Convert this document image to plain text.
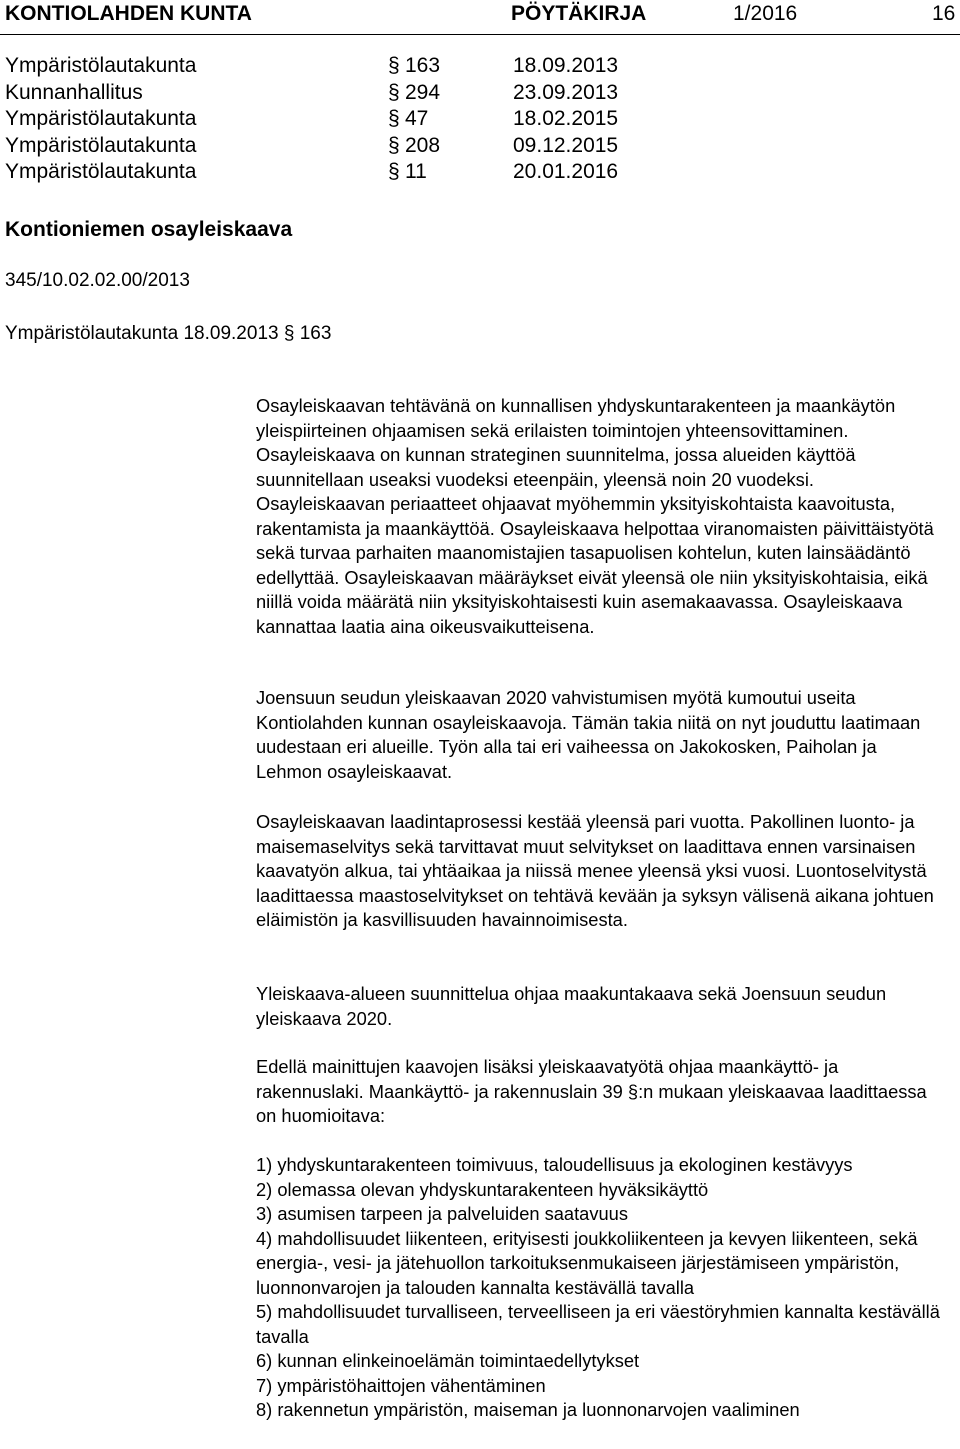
KONTIOLAHDEN KUNTA	PÖYTÄKIRJA	1/2016	16
Ympäristölautakunta	§ 163	18.09.2013
Kunnanhallitus	§ 294	23.09.2013
Ympäristölautakunta	§ 47	18.02.2015
Ympäristölautakunta	§ 208	09.12.2015
Ympäristölautakunta	§ 11	20.01.2016
Kontioniemen osayleiskaava
345/10.02.02.00/2013
Ympäristölautakunta 18.09.2013 § 163

Osayleiskaavan tehtävänä on kunnallisen yhdyskuntarakenteen ja maankäytön yleispiirteinen ohjaamisen sekä erilaisten toimintojen yhteensovittaminen. Osayleiskaava on kunnan strateginen suunnitelma, jossa alueiden käyttöä suunnitellaan useaksi vuodeksi eteenpäin, yleensä noin 20 vuodeksi. Osayleiskaavan periaatteet ohjaavat myöhemmin yksityiskohtaista kaavoitusta, rakentamista ja maankäyttöä. Osayleiskaava helpottaa viranomaisten päivittäistyötä sekä turvaa parhaiten maanomistajien tasapuolisen kohtelun, kuten lainsäädäntö edellyttää. Osayleiskaavan määräykset eivät yleensä ole niin yksityiskohtaisia, eikä niillä voida määrätä niin yksityiskohtaisesti kuin asemakaavassa. Osayleiskaava kannattaa laatia aina oikeusvaikutteisena.

Joensuun seudun yleiskaavan 2020 vahvistumisen myötä kumoutui useita Kontiolahden kunnan osayleiskaavoja. Tämän takia niitä on nyt jouduttu laatimaan uudestaan eri alueille. Työn alla tai eri vaiheessa on Jakokosken, Paiholan ja Lehmon osayleiskaavat.

Osayleiskaavan laadintaprosessi kestää yleensä pari vuotta. Pakollinen luonto- ja maisemaselvitys sekä tarvittavat muut selvitykset on laadittava ennen varsinaisen kaavatyön alkua, tai yhtäaikaa ja niissä menee yleensä yksi vuosi. Luontoselvitystä laadittaessa maastoselvitykset on tehtävä kevään ja syksyn välisenä aikana johtuen eläimistön ja kasvillisuuden havainnoimisesta.

Yleiskaava-alueen suunnittelua ohjaa maakuntakaava sekä Joensuun seudun yleiskaava 2020.

Edellä mainittujen kaavojen lisäksi yleiskaavatyötä ohjaa maankäyttö- ja rakennuslaki. Maankäyttö- ja rakennuslain 39 §:n mukaan yleiskaavaa laadittaessa on huomioitava:

1) yhdyskuntarakenteen toimivuus, taloudellisuus ja ekologinen kestävyys
2) olemassa olevan yhdyskuntarakenteen hyväksikäyttö
3) asumisen tarpeen ja palveluiden saatavuus
4) mahdollisuudet liikenteen, erityisesti joukkoliikenteen ja kevyen liikenteen, sekä energia-, vesi- ja jätehuollon tarkoituksenmukaiseen järjestämiseen ympäristön, luonnonvarojen ja talouden kannalta kestävällä tavalla
5) mahdollisuudet turvalliseen, terveelliseen ja eri väestöryhmien kannalta kestävällä tavalla
6) kunnan elinkeinoelämän toimintaedellytykset
7) ympäristöhaittojen vähentäminen
8) rakennetun ympäristön, maiseman ja luonnonarvojen vaaliminen
